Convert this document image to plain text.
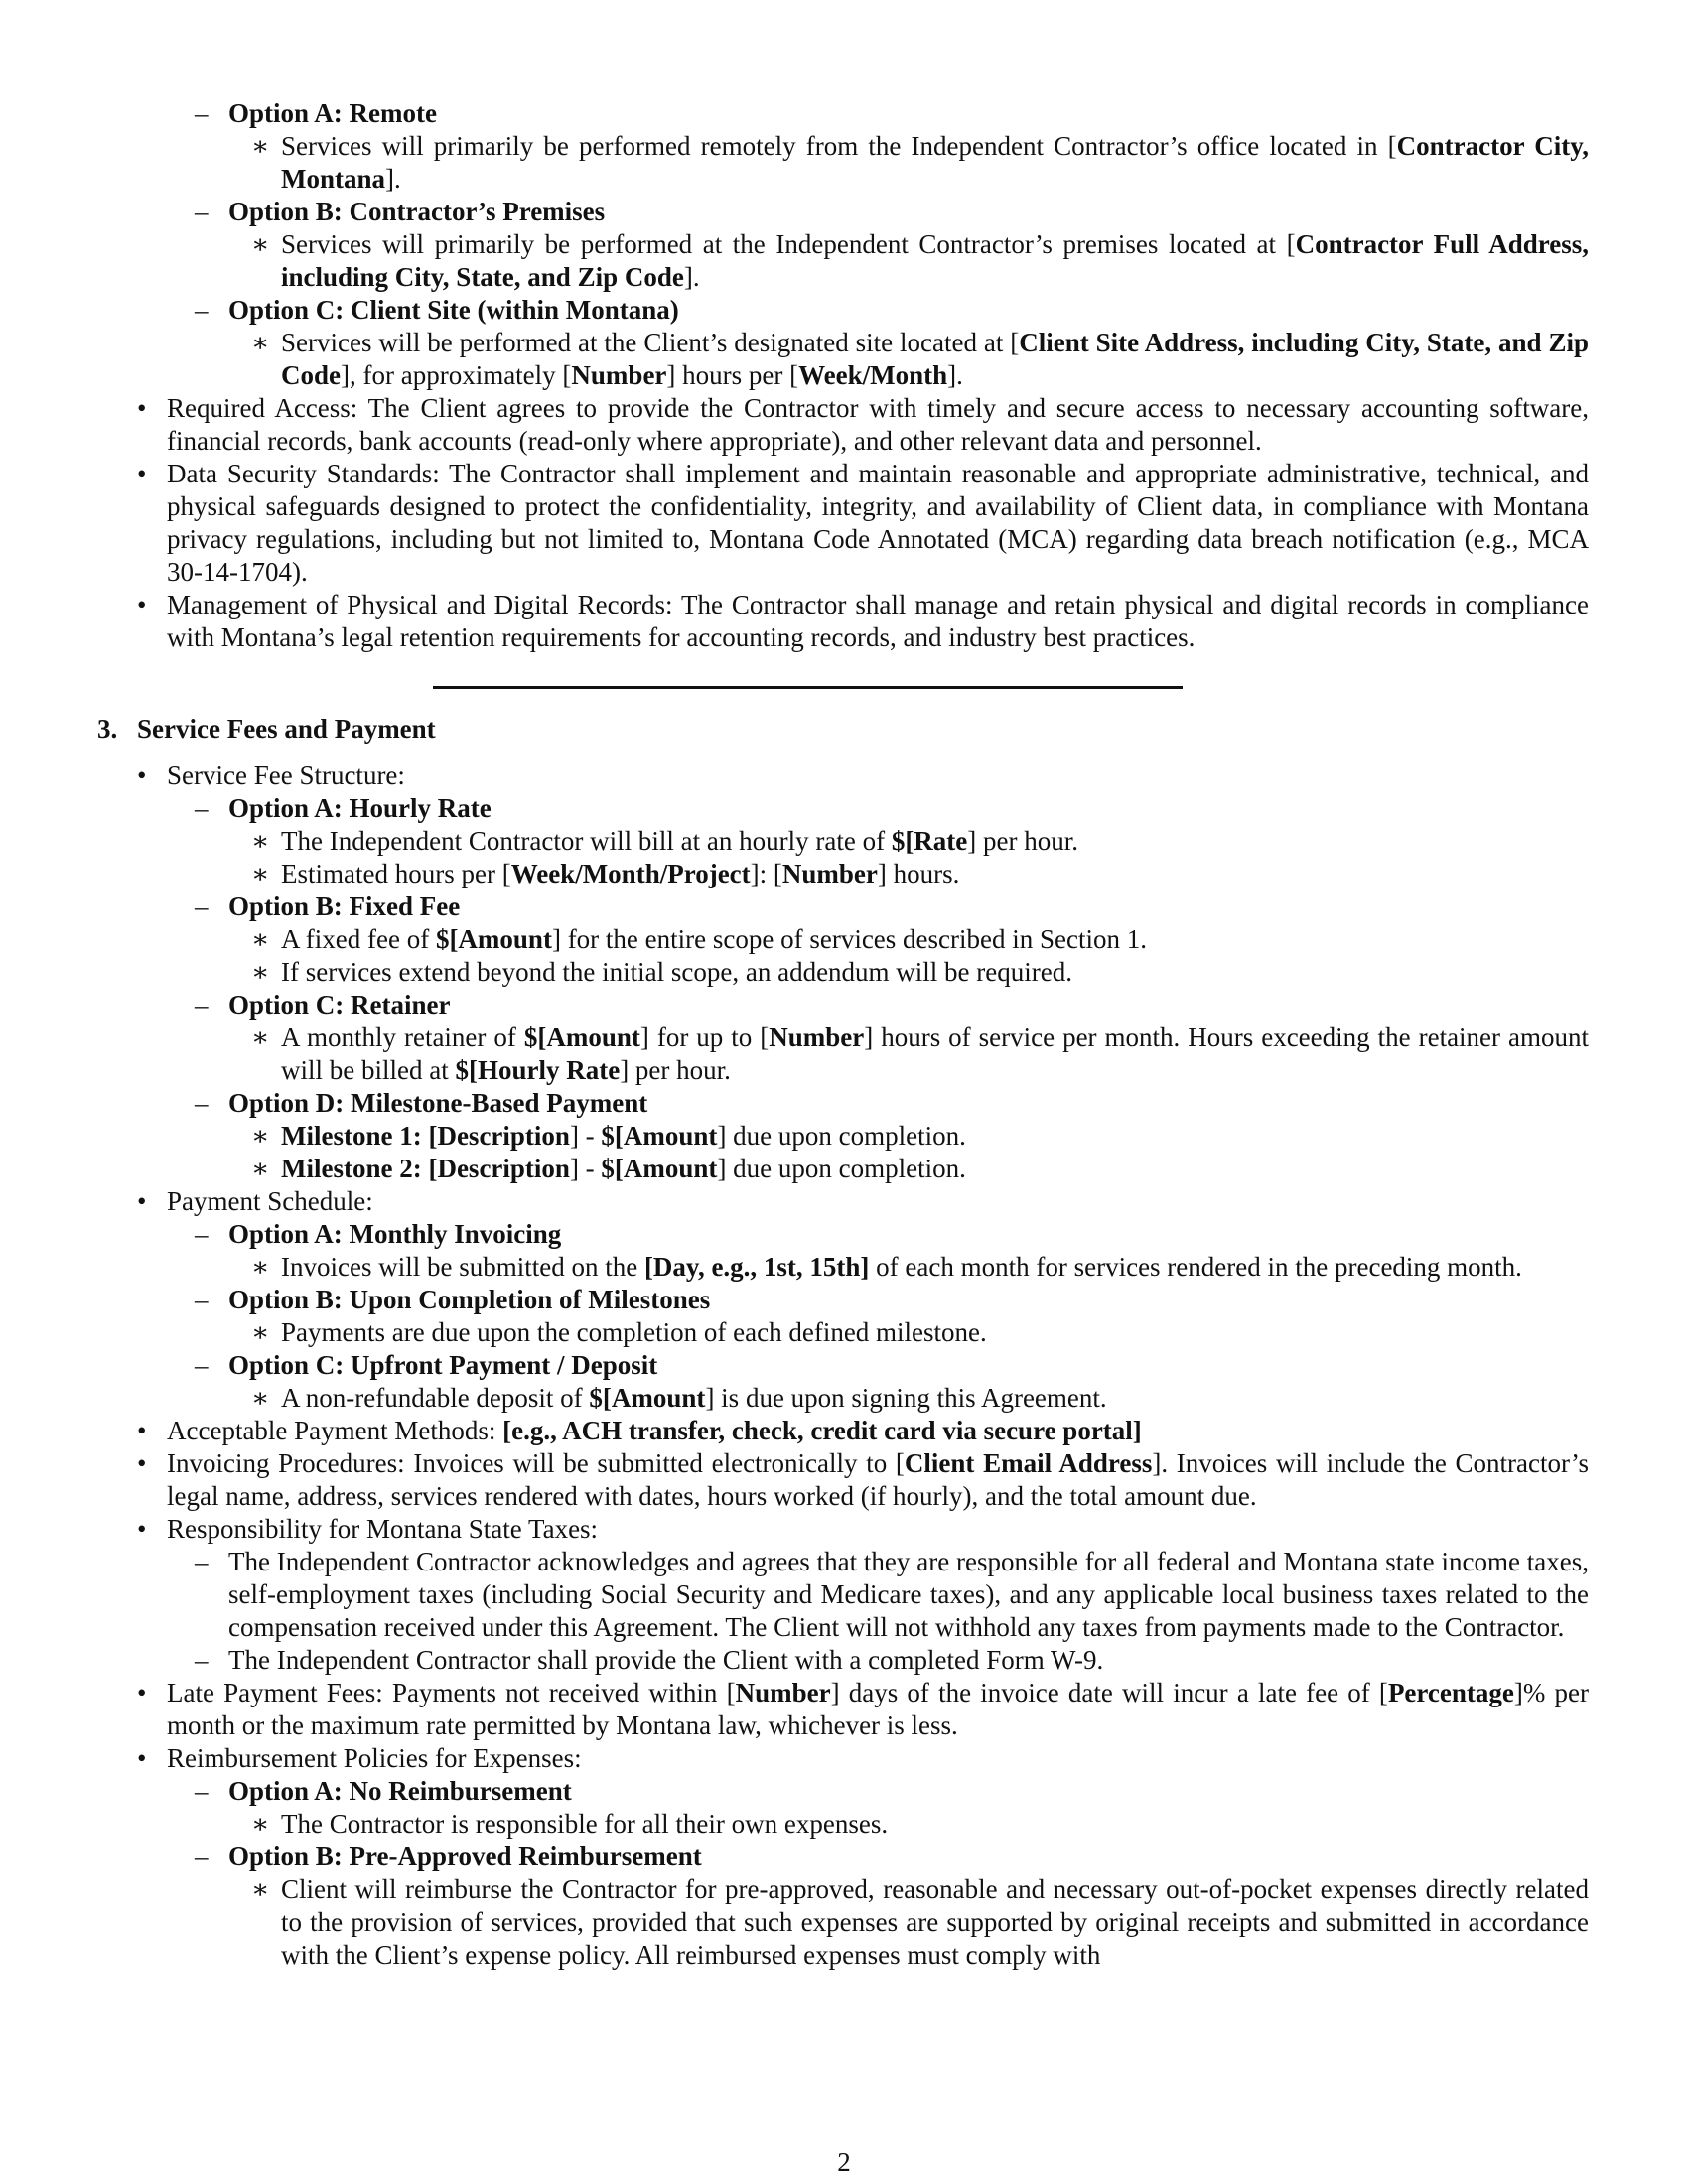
– Option A: Remote
∗ Services will primarily be performed remotely from the Independent Contractor’s office located in [Contractor City, Montana].
– Option B: Contractor’s Premises
∗ Services will primarily be performed at the Independent Contractor’s premises located at [Contractor Full Address, including City, State, and Zip Code].
– Option C: Client Site (within Montana)
∗ Services will be performed at the Client’s designated site located at [Client Site Address, including City, State, and Zip Code], for approximately [Number] hours per [Week/Month].
• Required Access: The Client agrees to provide the Contractor with timely and secure access to necessary accounting software, financial records, bank accounts (read-only where appropriate), and other relevant data and personnel.
• Data Security Standards: The Contractor shall implement and maintain reasonable and appropriate administrative, technical, and physical safeguards designed to protect the confidentiality, integrity, and availability of Client data, in compliance with Montana privacy regulations, including but not limited to, Montana Code Annotated (MCA) regarding data breach notification (e.g., MCA 30-14-1704).
• Management of Physical and Digital Records: The Contractor shall manage and retain physical and digital records in compliance with Montana’s legal retention requirements for accounting records, and industry best practices.
3. Service Fees and Payment
• Service Fee Structure:
– Option A: Hourly Rate
∗ The Independent Contractor will bill at an hourly rate of $[Rate] per hour.
∗ Estimated hours per [Week/Month/Project]: [Number] hours.
– Option B: Fixed Fee
∗ A fixed fee of $[Amount] for the entire scope of services described in Section 1.
∗ If services extend beyond the initial scope, an addendum will be required.
– Option C: Retainer
∗ A monthly retainer of $[Amount] for up to [Number] hours of service per month. Hours exceeding the retainer amount will be billed at $[Hourly Rate] per hour.
– Option D: Milestone-Based Payment
∗ Milestone 1: [Description] - $[Amount] due upon completion.
∗ Milestone 2: [Description] - $[Amount] due upon completion.
• Payment Schedule:
– Option A: Monthly Invoicing
∗ Invoices will be submitted on the [Day, e.g., 1st, 15th] of each month for services rendered in the preceding month.
– Option B: Upon Completion of Milestones
∗ Payments are due upon the completion of each defined milestone.
– Option C: Upfront Payment / Deposit
∗ A non-refundable deposit of $[Amount] is due upon signing this Agreement.
• Acceptable Payment Methods: [e.g., ACH transfer, check, credit card via secure portal]
• Invoicing Procedures: Invoices will be submitted electronically to [Client Email Address]. Invoices will include the Contractor’s legal name, address, services rendered with dates, hours worked (if hourly), and the total amount due.
• Responsibility for Montana State Taxes:
– The Independent Contractor acknowledges and agrees that they are responsible for all federal and Montana state income taxes, self-employment taxes (including Social Security and Medicare taxes), and any applicable local business taxes related to the compensation received under this Agreement. The Client will not withhold any taxes from payments made to the Contractor.
– The Independent Contractor shall provide the Client with a completed Form W-9.
• Late Payment Fees: Payments not received within [Number] days of the invoice date will incur a late fee of [Percentage]% per month or the maximum rate permitted by Montana law, whichever is less.
• Reimbursement Policies for Expenses:
– Option A: No Reimbursement
∗ The Contractor is responsible for all their own expenses.
– Option B: Pre-Approved Reimbursement
∗ Client will reimburse the Contractor for pre-approved, reasonable and necessary out-of-pocket expenses directly related to the provision of services, provided that such expenses are supported by original receipts and submitted in accordance with the Client’s expense policy. All reimbursed expenses must comply with
2
